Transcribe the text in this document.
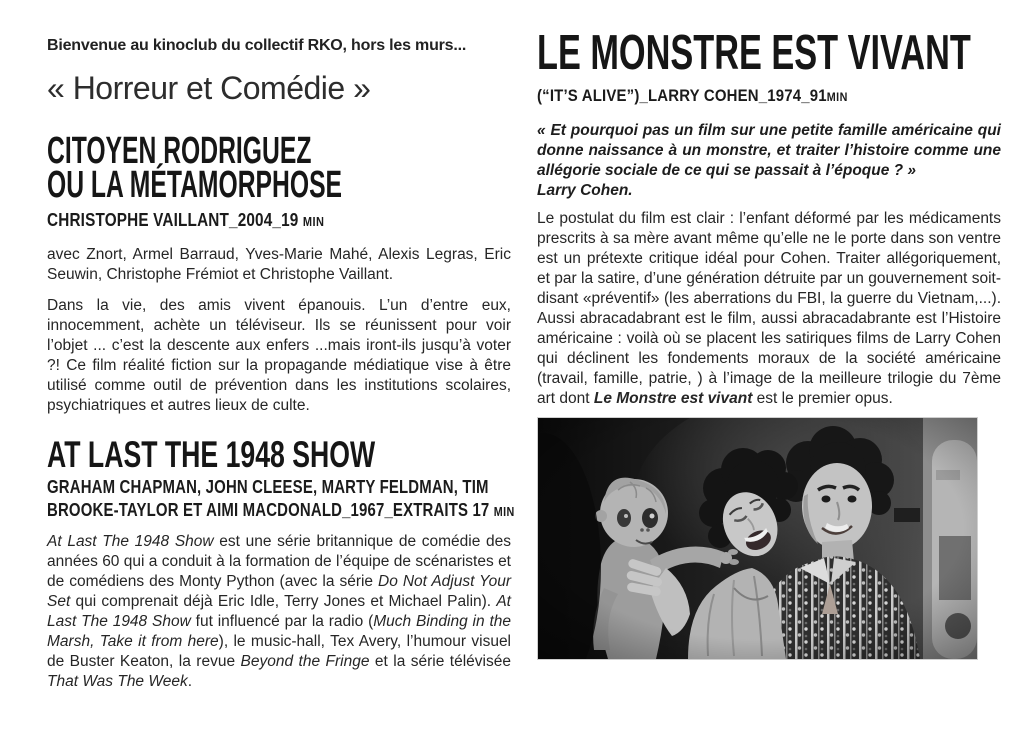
Bienvenue au kinoclub du collectif RKO, hors les murs...
« Horreur et Comédie »
CITOYEN RODRIGUEZ
OU LA MÉTAMORPHOSE
CHRISTOPHE VAILLANT_2004_19 MIN

avec Znort, Armel Barraud, Yves-Marie Mahé, Alexis Legras, Eric Seuwin, Christophe Frémiot et Christophe Vaillant.

Dans la vie, des amis vivent épanouis. L’un d’entre eux, innocemment, achète un téléviseur. Ils se réunissent pour voir l’objet ... c’est la descente aux enfers ...mais iront-ils jusqu’à voter ?! Ce film réalité fiction sur la propagande médiatique vise à être utilisé comme outil de prévention dans les institutions scolaires, psychiatriques et autres lieux de culte.

AT LAST THE 1948 SHOW
GRAHAM CHAPMAN, JOHN CLEESE, MARTY FELDMAN, TIM
BROOKE-TAYLOR ET AIMI MACDONALD_1967_EXTRAITS 17 MIN

At Last The 1948 Show est une série britannique de comédie des années 60 qui a conduit à la formation de l’équipe de scénaristes et de comédiens des Monty Python (avec la série Do Not Adjust Your Set qui comprenait déjà Eric Idle, Terry Jones et Michael Palin). At Last The 1948 Show fut influencé par la radio (Much Binding in the Marsh, Take it from here), le music-hall, Tex Avery, l’humour visuel de Buster Keaton, la revue Beyond the Fringe et la série télévisée That Was The Week.

LE MONSTRE EST VIVANT
(“IT’S ALIVE”)_LARRY COHEN_1974_91MIN

« Et pourquoi pas un film sur une petite famille américaine qui donne naissance à un monstre, et traiter l’histoire comme une allégorie sociale de ce qui se passait à l’époque ? »

Larry Cohen.

Le postulat du film est clair : l’enfant déformé par les médicaments prescrits à sa mère avant même qu’elle ne le porte dans son ventre est un prétexte critique idéal pour Cohen. Traiter allégoriquement, et par la satire, d’une génération détruite par un gouvernement soit-disant «préventif» (les aberrations du FBI, la guerre du Vietnam,...). Aussi abracadabrant est le film, aussi abracadabrante est l’Histoire américaine : voilà où se placent les satiriques films de Larry Cohen qui déclinent les fondements moraux de la société américaine (travail, famille, patrie, ) à l’image de la meilleure trilogie du 7ème art dont Le Monstre est vivant est le premier opus.
